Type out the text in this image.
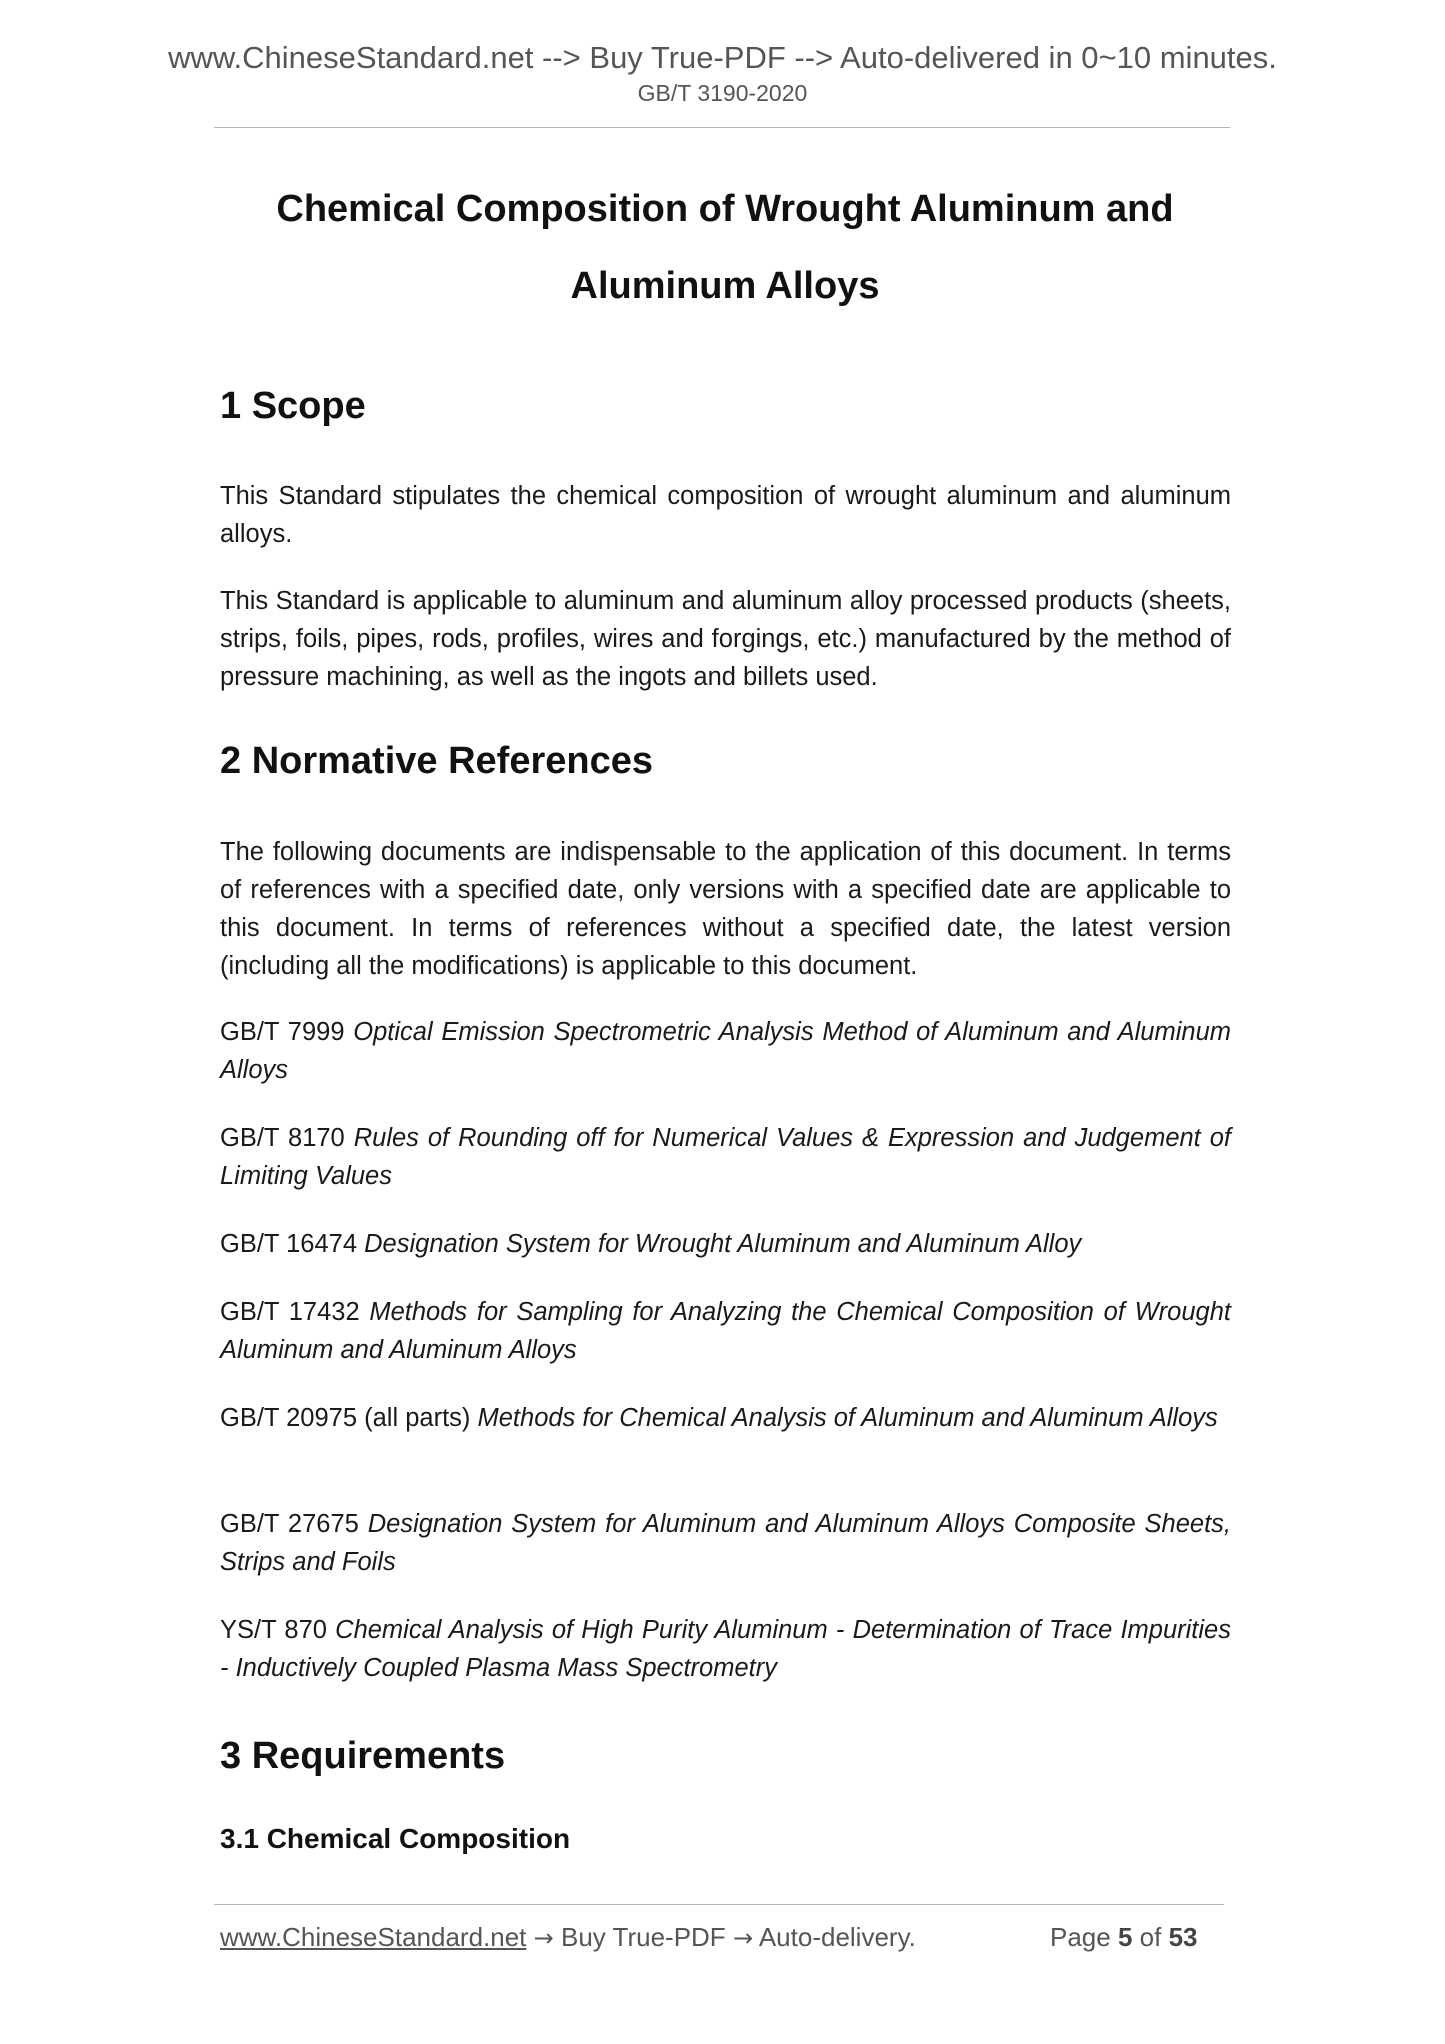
www.ChineseStandard.net --> Buy True-PDF --> Auto-delivered in 0~10 minutes.
GB/T 3190-2020
Chemical Composition of Wrought Aluminum and
Aluminum Alloys
1 Scope
This Standard stipulates the chemical composition of wrought aluminum and aluminum alloys.
This Standard is applicable to aluminum and aluminum alloy processed products (sheets, strips, foils, pipes, rods, profiles, wires and forgings, etc.) manufactured by the method of pressure machining, as well as the ingots and billets used.
2 Normative References
The following documents are indispensable to the application of this document. In terms of references with a specified date, only versions with a specified date are applicable to this document. In terms of references without a specified date, the latest version (including all the modifications) is applicable to this document.
GB/T 7999 Optical Emission Spectrometric Analysis Method of Aluminum and Aluminum Alloys
GB/T 8170 Rules of Rounding off for Numerical Values & Expression and Judgement of Limiting Values
GB/T 16474 Designation System for Wrought Aluminum and Aluminum Alloy
GB/T 17432 Methods for Sampling for Analyzing the Chemical Composition of Wrought Aluminum and Aluminum Alloys
GB/T 20975 (all parts) Methods for Chemical Analysis of Aluminum and Aluminum Alloys
GB/T 27675 Designation System for Aluminum and Aluminum Alloys Composite Sheets, Strips and Foils
YS/T 870 Chemical Analysis of High Purity Aluminum - Determination of Trace Impurities - Inductively Coupled Plasma Mass Spectrometry
3 Requirements
3.1 Chemical Composition
www.ChineseStandard.net → Buy True-PDF → Auto-delivery.	Page 5 of 53
